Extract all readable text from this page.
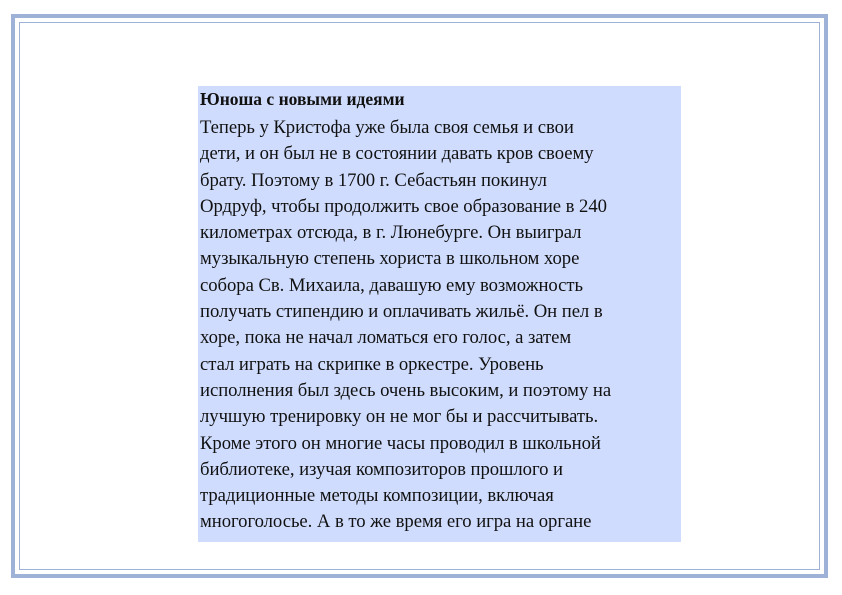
Юноша с новыми идеями
Теперь у Кристофа уже была своя семья и свои
дети, и он был не в состоянии давать кров своему
брату. Поэтому в 1700 г. Себастьян покинул
Ордруф, чтобы продолжить свое образование в 240
километрах отсюда, в г. Люнебурге. Он выиграл
музыкальную степень хориста в школьном хоре
собора Св. Михаила, давашую ему возможность
получать стипендию и оплачивать жильё. Он пел в
хоре, пока не начал ломаться его голос, а затем
стал играть на скрипке в оркестре. Уровень
исполнения был здесь очень высоким, и поэтому на
лучшую тренировку он не мог бы и рассчитывать.
Кроме этого он многие часы проводил в школьной
библиотеке, изучая композиторов прошлого и
традиционные методы композиции, включая
многоголосье. А в то же время его игра на органе
